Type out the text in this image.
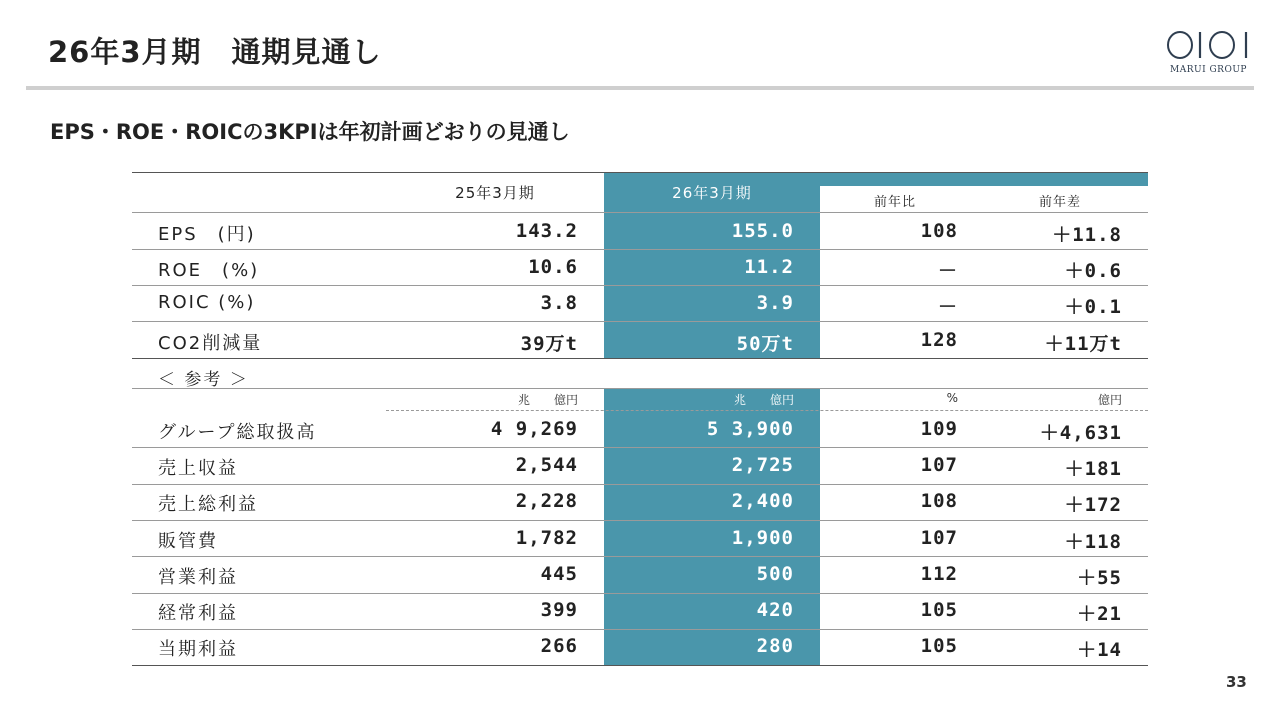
26年3月期　通期見通し
MARUI GROUP
EPS・ROE・ROICの3KPIは年初計画どおりの見通し
25年3月期	26年3月期
前年比	前年差
EPS　(円)	143.2	155.0	108	＋11.8
ROE　(%)	10.6	11.2	－	＋0.6
ROIC (%)	3.8	3.9	－	＋0.1
CO2削減量	39万t	50万t	128	＋11万t
＜ 参考 ＞
兆　　億円	兆　　億円	%	億円
グループ総取扱高	4 9,269	5 3,900	109	＋4,631
売上収益	2,544	2,725	107	＋181
売上総利益	2,228	2,400	108	＋172
販管費	1,782	1,900	107	＋118
営業利益	445	500	112	＋55
経常利益	399	420	105	＋21
当期利益	266	280	105	＋14
33
